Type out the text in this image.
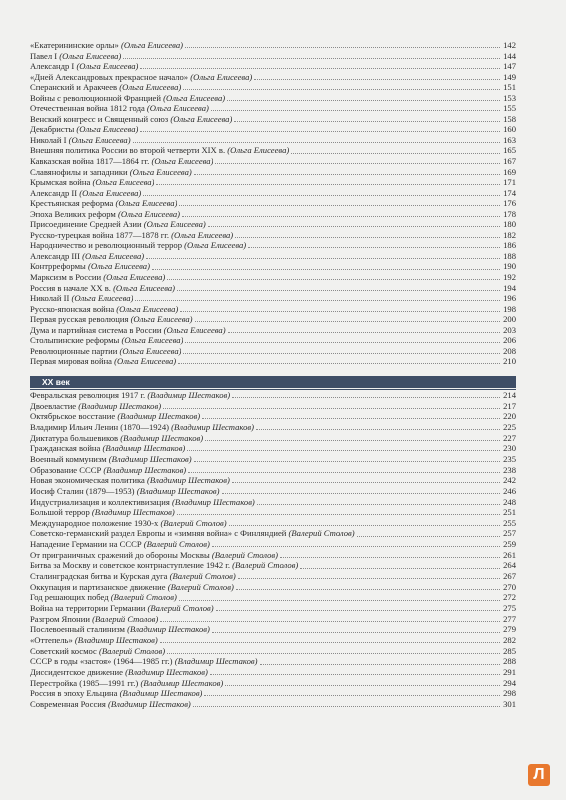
«Екатерининские орлы» (Ольга Елисеева)	142
Павел I (Ольга Елисеева)	144
Александр I (Ольга Елисеева)	147
«Дней Александровых прекрасное начало» (Ольга Елисеева)	149
Сперанский и Аракчеев (Ольга Елисеева)	151
Войны с революционной Францией (Ольга Елисеева)	153
Отечественная война 1812 года (Ольга Елисеева)	155
Венский конгресс и Священный союз (Ольга Елисеева)	158
Декабристы (Ольга Елисеева)	160
Николай I (Ольга Елисеева)	163
Внешняя политика России во второй четверти XIX в. (Ольга Елисеева)	165
Кавказская война 1817—1864 гг. (Ольга Елисеева)	167
Славянофилы и западники (Ольга Елисеева)	169
Крымская война (Ольга Елисеева)	171
Александр II (Ольга Елисеева)	174
Крестьянская реформа (Ольга Елисеева)	176
Эпоха Великих реформ (Ольга Елисеева)	178
Присоединение Средней Азии (Ольга Елисеева)	180
Русско-турецкая война 1877—1878 гг. (Ольга Елисеева)	182
Народничество и революционный террор (Ольга Елисеева)	186
Александр III (Ольга Елисеева)	188
Контрреформы (Ольга Елисеева)	190
Марксизм в России (Ольга Елисеева)	192
Россия в начале XX в. (Ольга Елисеева)	194
Николай II (Ольга Елисеева)	196
Русско-японская война (Ольга Елисеева)	198
Первая русская революция (Ольга Елисеева)	200
Дума и партийная система в России (Ольга Елисеева)	203
Столыпинские реформы (Ольга Елисеева)	206
Революционные партии (Ольга Елисеева)	208
Первая мировая война (Ольга Елисеева)	210
XX век
Февральская революция 1917 г. (Владимир Шестаков)	214
Двоевластие (Владимир Шестаков)	217
Октябрьское восстание (Владимир Шестаков)	220
Владимир Ильич Ленин (1870—1924) (Владимир Шестаков)	225
Диктатура большевиков (Владимир Шестаков)	227
Гражданская война (Владимир Шестаков)	230
Военный коммунизм (Владимир Шестаков)	235
Образование СССР (Владимир Шестаков)	238
Новая экономическая политика (Владимир Шестаков)	242
Иосиф Сталин (1879—1953) (Владимир Шестаков)	246
Индустриализация и коллективизация (Владимир Шестаков)	248
Большой террор (Владимир Шестаков)	251
Международное положение 1930-х (Валерий Столов)	255
Советско-германский раздел Европы и «зимняя война» с Финляндией (Валерий Столов)	257
Нападение Германии на СССР (Валерий Столов)	259
От приграничных сражений до обороны Москвы (Валерий Столов)	261
Битва за Москву и советское контрнаступление 1942 г. (Валерий Столов)	264
Сталинградская битва и Курская дуга (Валерий Столов)	267
Оккупация и партизанское движение (Валерий Столов)	270
Год решающих побед (Валерий Столов)	272
Война на территории Германии (Валерий Столов)	275
Разгром Японии (Валерий Столов)	277
Послевоенный сталинизм (Владимир Шестаков)	279
«Оттепель» (Владимир Шестаков)	282
Советский космос (Валерий Столов)	285
СССР в годы «застоя» (1964—1985 гг.) (Владимир Шестаков)	288
Диссидентское движение (Владимир Шестаков)	291
Перестройка (1985—1991 гг.) (Владимир Шестаков)	294
Россия в эпоху Ельцина (Владимир Шестаков)	298
Современная Россия (Владимир Шестаков)	301
Л
